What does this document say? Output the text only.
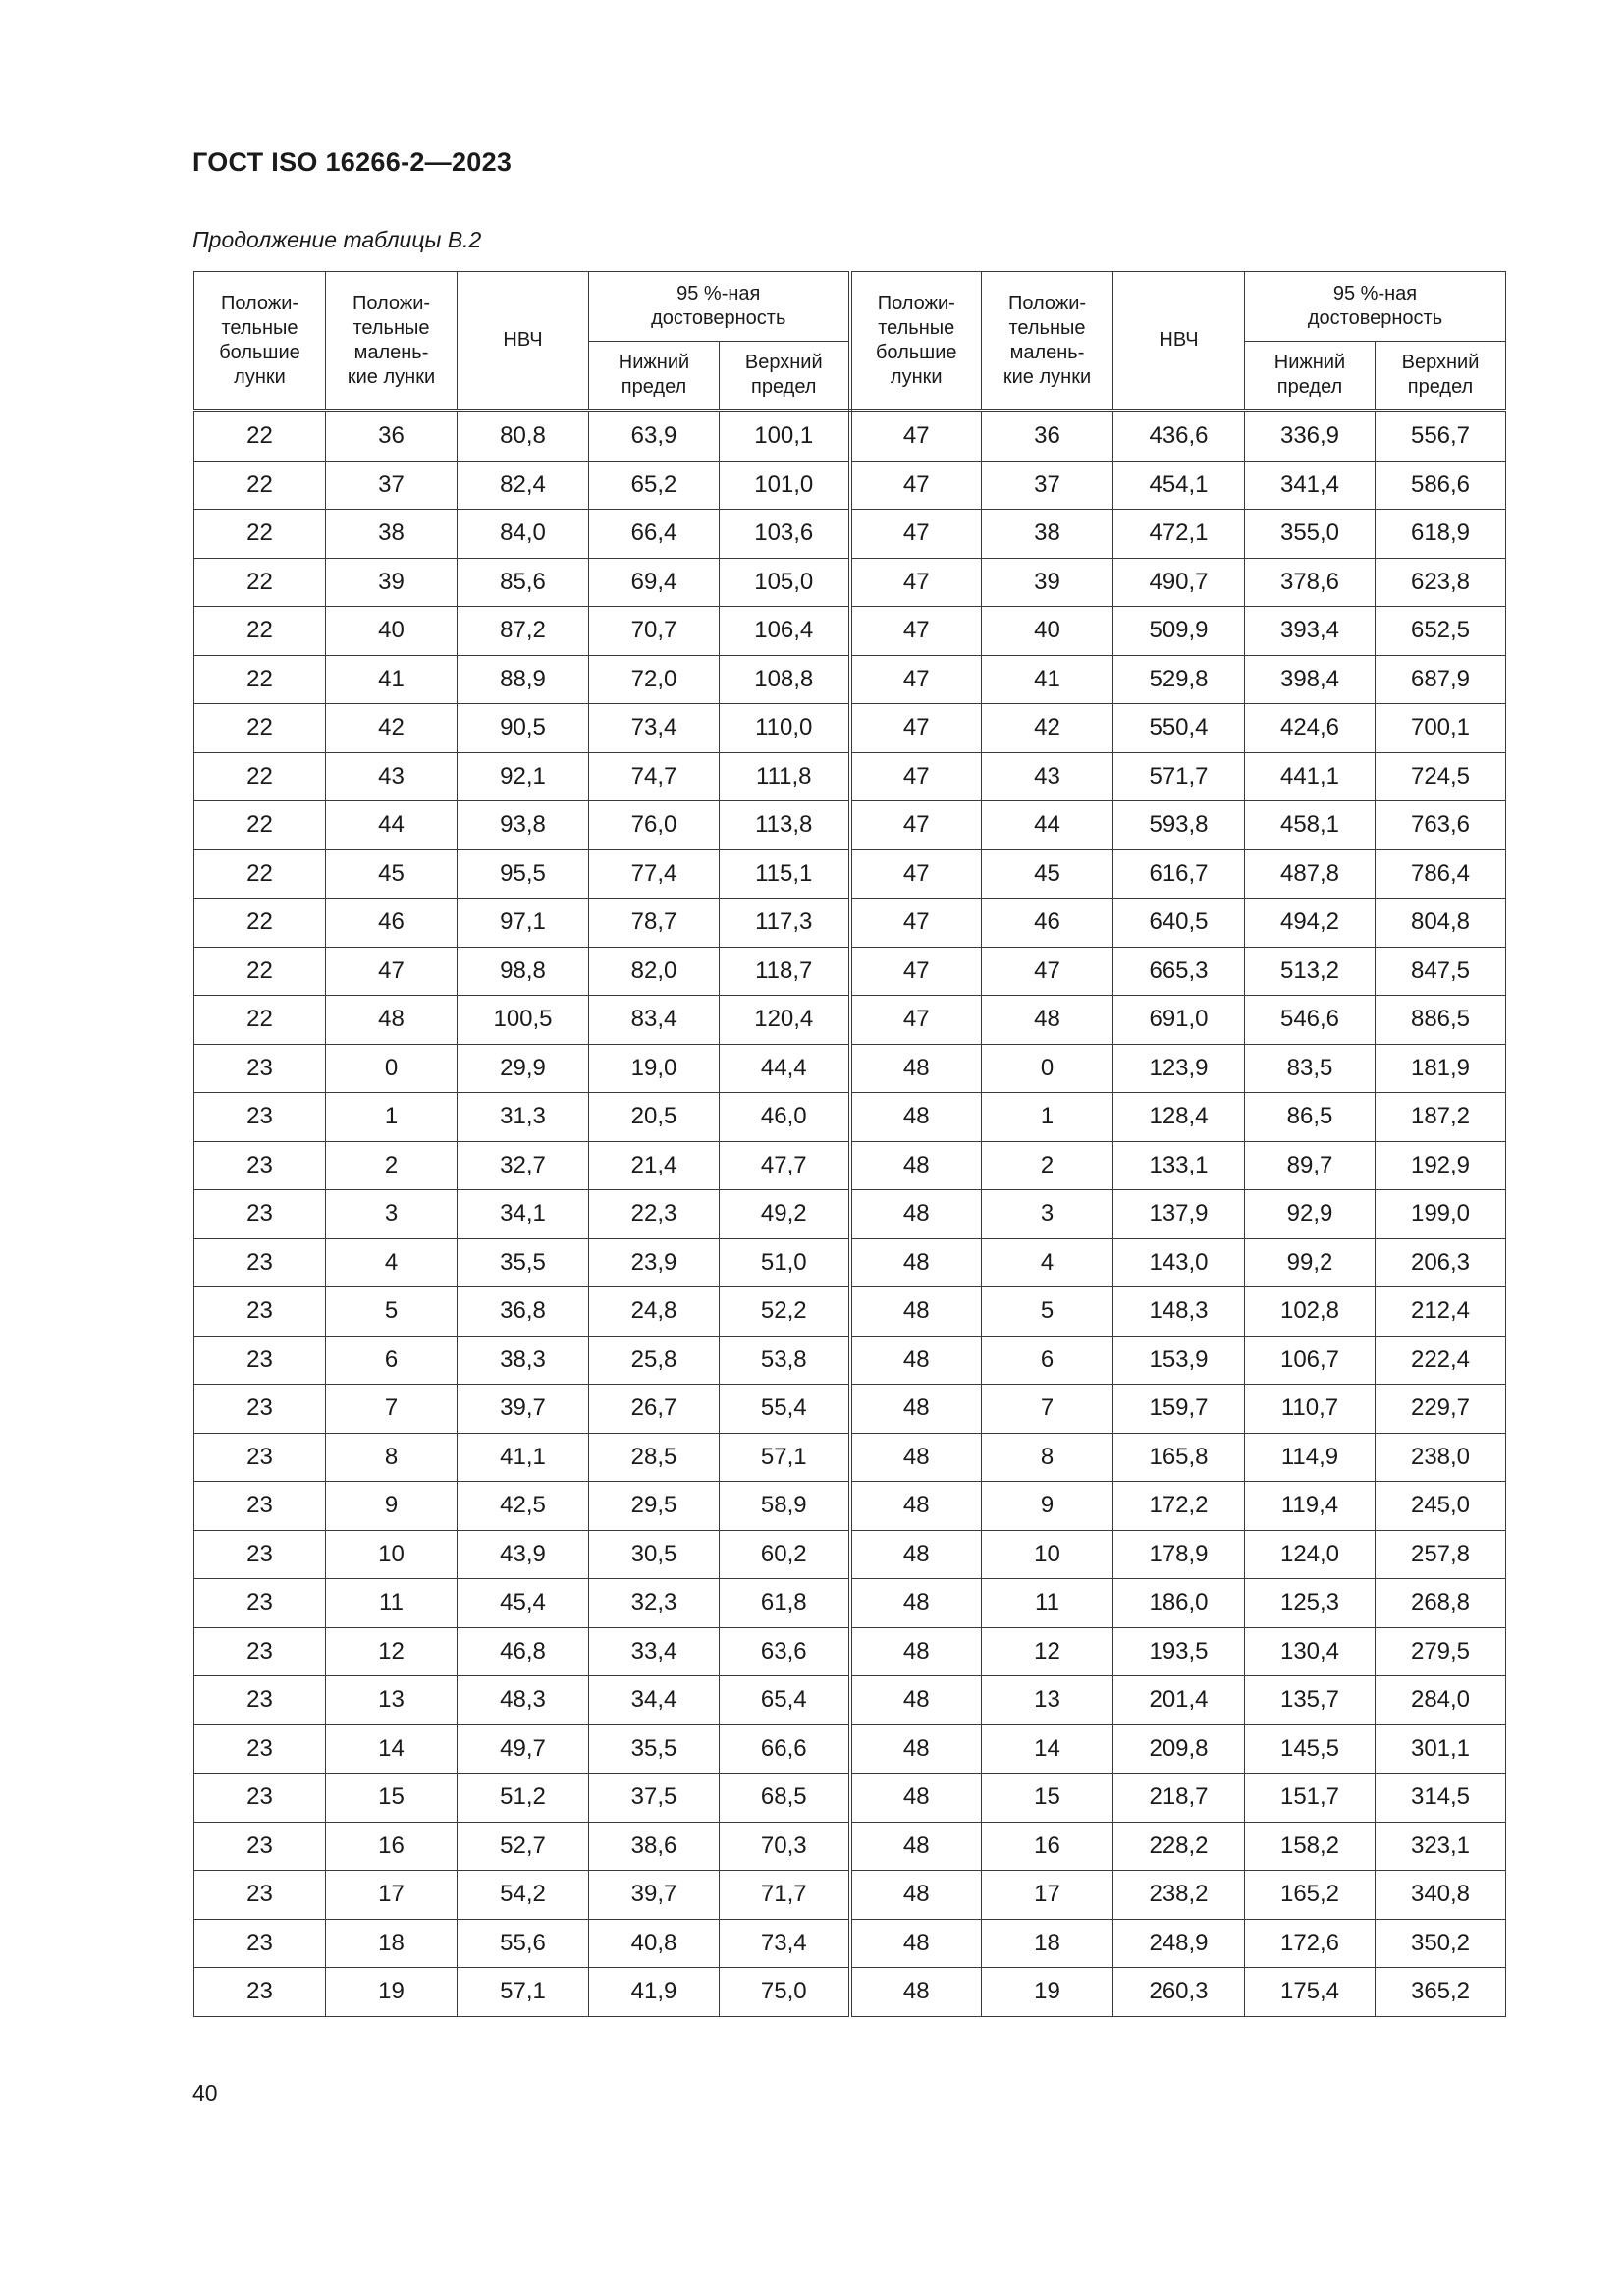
ГОСТ ISO 16266-2—2023
Продолжение таблицы В.2
Положи-
тельные
большие
лунки	Положи-
тельные
малень-
кие лунки	НВЧ	95 %-ная
достоверность		Положи-
тельные
большие
лунки	Положи-
тельные
малень-
кие лунки	НВЧ	95 %-ная
достоверность	
			Нижний
предел	Верхний
предел				Нижний
предел	Верхний
предел
22	36	80,8	63,9	100,1	47	36	436,6	336,9	556,7
22	37	82,4	65,2	101,0	47	37	454,1	341,4	586,6
22	38	84,0	66,4	103,6	47	38	472,1	355,0	618,9
22	39	85,6	69,4	105,0	47	39	490,7	378,6	623,8
22	40	87,2	70,7	106,4	47	40	509,9	393,4	652,5
22	41	88,9	72,0	108,8	47	41	529,8	398,4	687,9
22	42	90,5	73,4	110,0	47	42	550,4	424,6	700,1
22	43	92,1	74,7	111,8	47	43	571,7	441,1	724,5
22	44	93,8	76,0	113,8	47	44	593,8	458,1	763,6
22	45	95,5	77,4	115,1	47	45	616,7	487,8	786,4
22	46	97,1	78,7	117,3	47	46	640,5	494,2	804,8
22	47	98,8	82,0	118,7	47	47	665,3	513,2	847,5
22	48	100,5	83,4	120,4	47	48	691,0	546,6	886,5
23	0	29,9	19,0	44,4	48	0	123,9	83,5	181,9
23	1	31,3	20,5	46,0	48	1	128,4	86,5	187,2
23	2	32,7	21,4	47,7	48	2	133,1	89,7	192,9
23	3	34,1	22,3	49,2	48	3	137,9	92,9	199,0
23	4	35,5	23,9	51,0	48	4	143,0	99,2	206,3
23	5	36,8	24,8	52,2	48	5	148,3	102,8	212,4
23	6	38,3	25,8	53,8	48	6	153,9	106,7	222,4
23	7	39,7	26,7	55,4	48	7	159,7	110,7	229,7
23	8	41,1	28,5	57,1	48	8	165,8	114,9	238,0
23	9	42,5	29,5	58,9	48	9	172,2	119,4	245,0
23	10	43,9	30,5	60,2	48	10	178,9	124,0	257,8
23	11	45,4	32,3	61,8	48	11	186,0	125,3	268,8
23	12	46,8	33,4	63,6	48	12	193,5	130,4	279,5
23	13	48,3	34,4	65,4	48	13	201,4	135,7	284,0
23	14	49,7	35,5	66,6	48	14	209,8	145,5	301,1
23	15	51,2	37,5	68,5	48	15	218,7	151,7	314,5
23	16	52,7	38,6	70,3	48	16	228,2	158,2	323,1
23	17	54,2	39,7	71,7	48	17	238,2	165,2	340,8
23	18	55,6	40,8	73,4	48	18	248,9	172,6	350,2
23	19	57,1	41,9	75,0	48	19	260,3	175,4	365,2
40
